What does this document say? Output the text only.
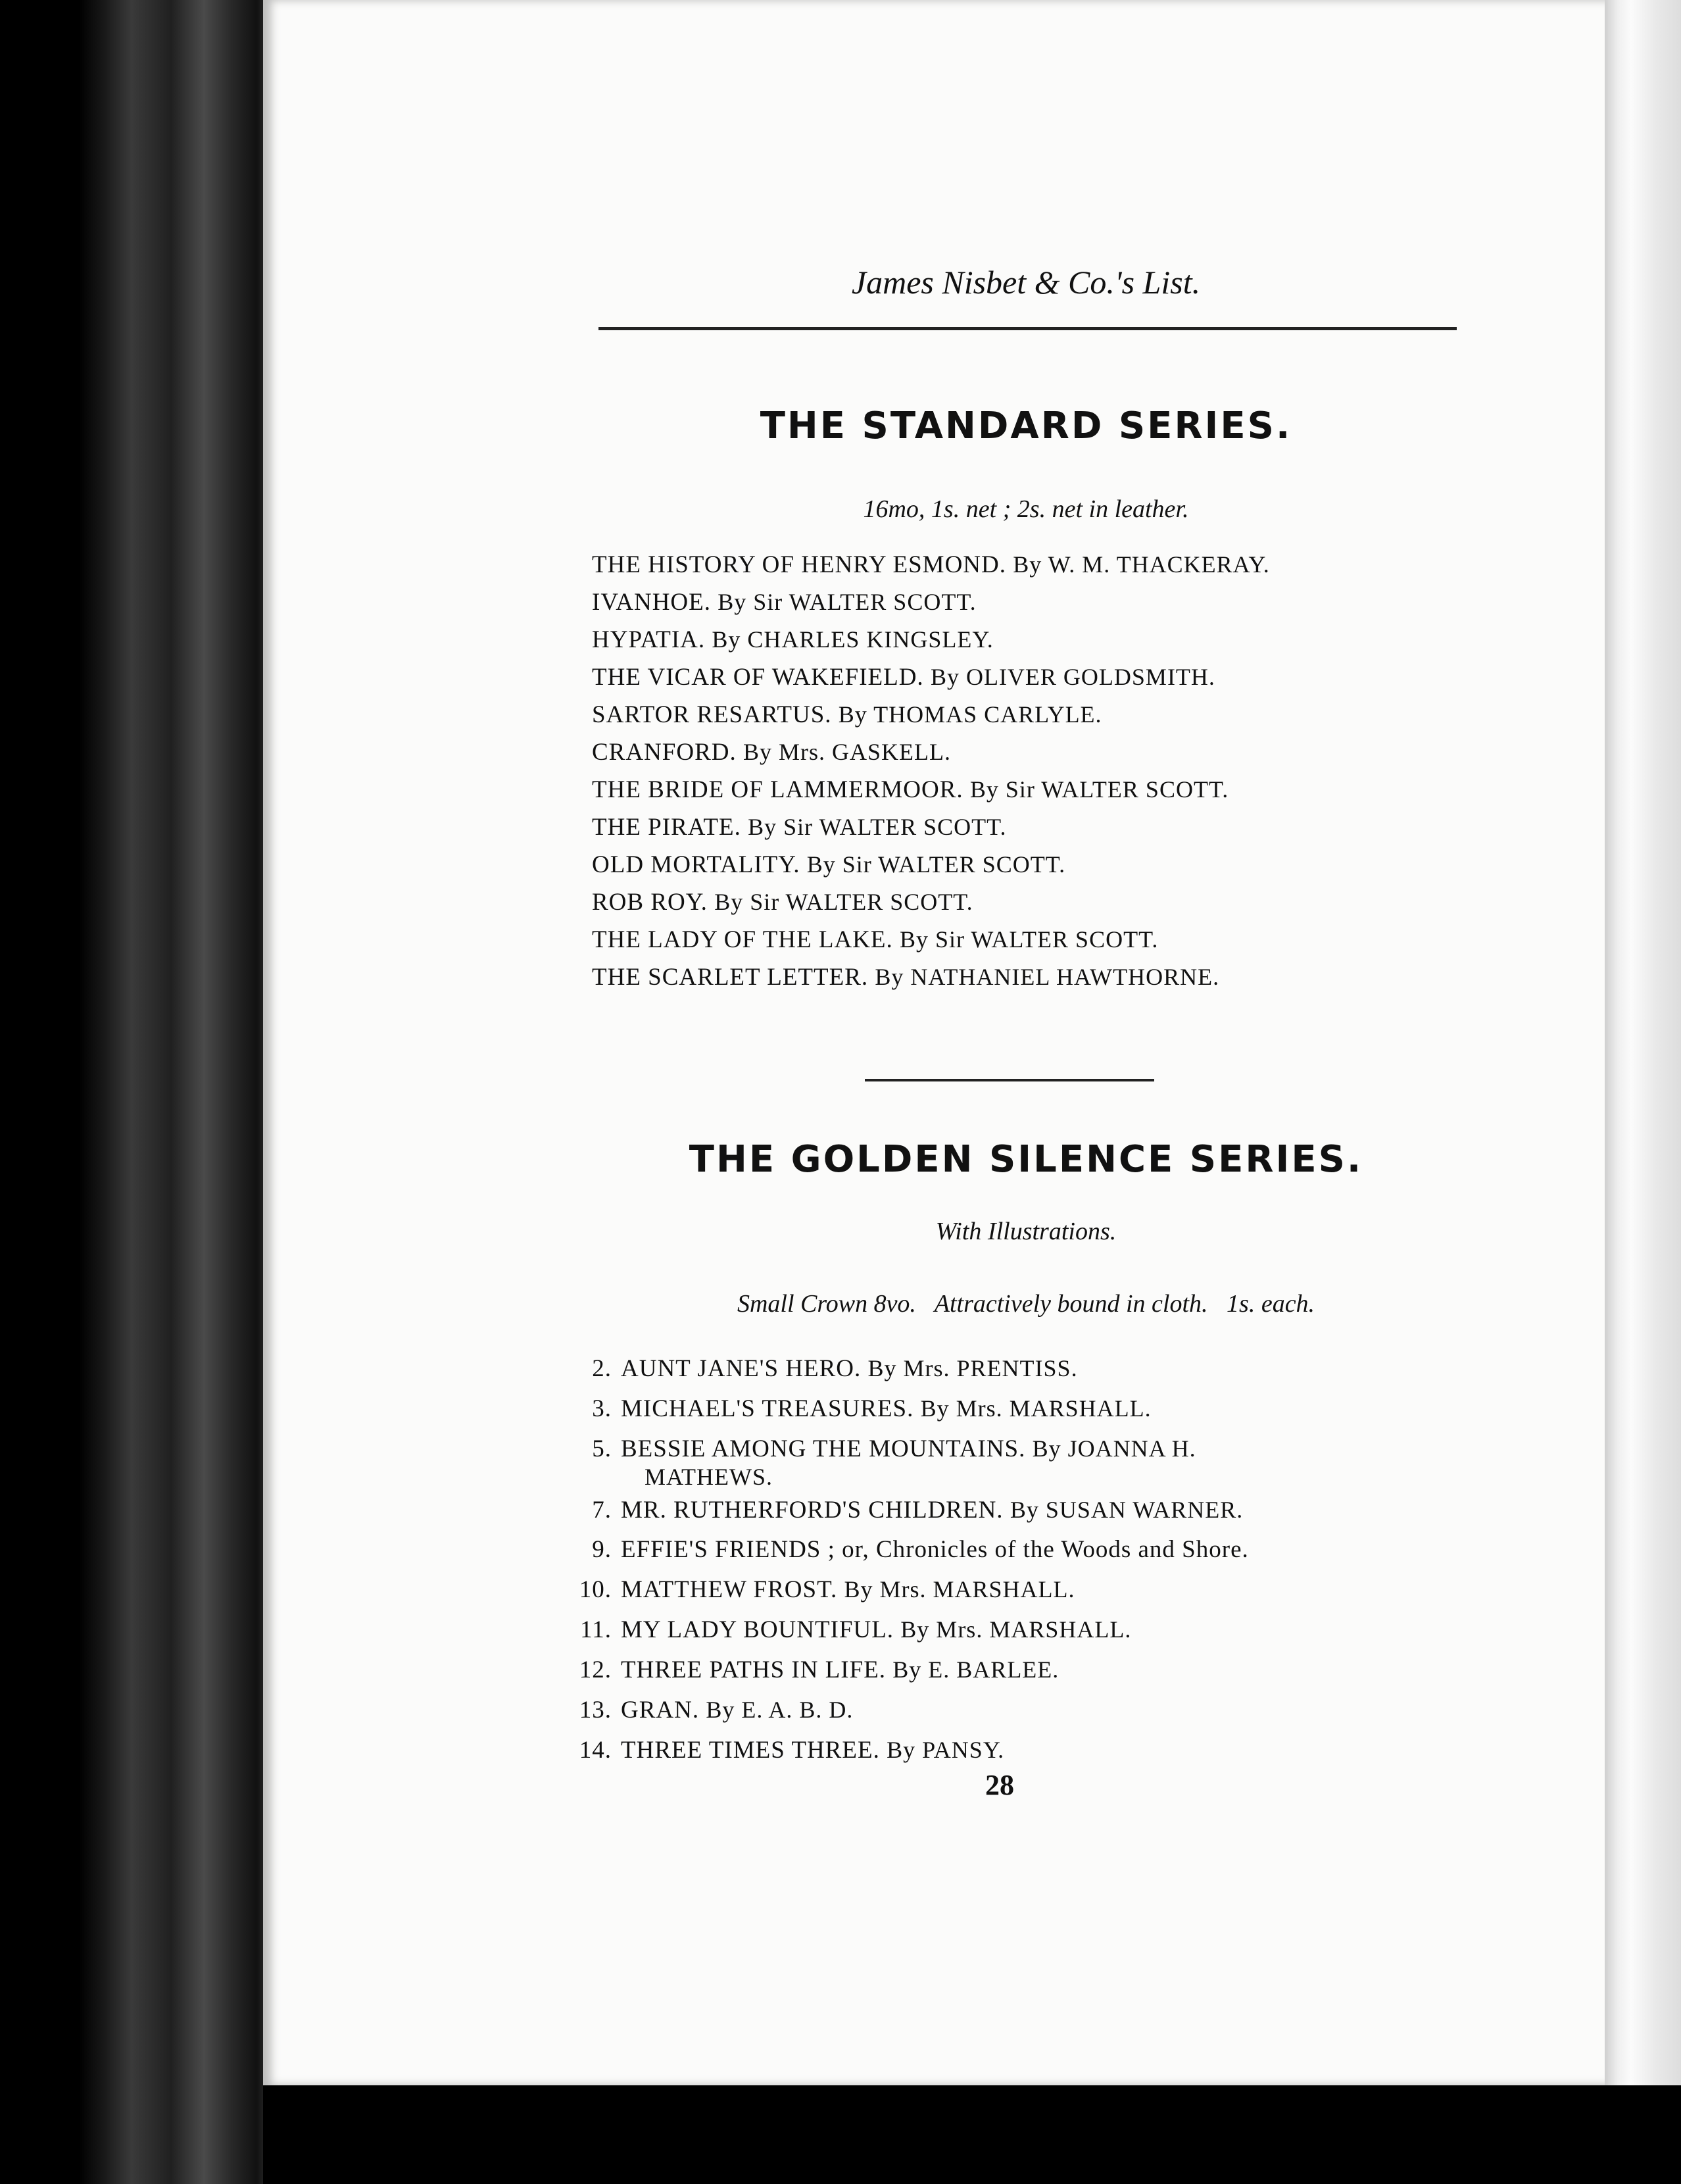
James Nisbet & Co.'s List.
THE STANDARD SERIES.
16mo, 1s. net ; 2s. net in leather.
THE HISTORY OF HENRY ESMOND. By W. M. THACKERAY.
IVANHOE. By Sir WALTER SCOTT.
HYPATIA. By CHARLES KINGSLEY.
THE VICAR OF WAKEFIELD. By OLIVER GOLDSMITH.
SARTOR RESARTUS. By THOMAS CARLYLE.
CRANFORD. By Mrs. GASKELL.
THE BRIDE OF LAMMERMOOR. By Sir WALTER SCOTT.
THE PIRATE. By Sir WALTER SCOTT.
OLD MORTALITY. By Sir WALTER SCOTT.
ROB ROY. By Sir WALTER SCOTT.
THE LADY OF THE LAKE. By Sir WALTER SCOTT.
THE SCARLET LETTER. By NATHANIEL HAWTHORNE.
THE GOLDEN SILENCE SERIES.
With Illustrations.
Small Crown 8vo.   Attractively bound in cloth.   1s. each.
2. AUNT JANE'S HERO. By Mrs. PRENTISS.
3. MICHAEL'S TREASURES. By Mrs. MARSHALL.
5. BESSIE AMONG THE MOUNTAINS. By JOANNA H.
MATHEWS.
7. MR. RUTHERFORD'S CHILDREN. By SUSAN WARNER.
9. EFFIE'S FRIENDS ; or, Chronicles of the Woods and Shore.
10. MATTHEW FROST. By Mrs. MARSHALL.
11. MY LADY BOUNTIFUL. By Mrs. MARSHALL.
12. THREE PATHS IN LIFE. By E. BARLEE.
13. GRAN. By E. A. B. D.
14. THREE TIMES THREE. By PANSY.
28
